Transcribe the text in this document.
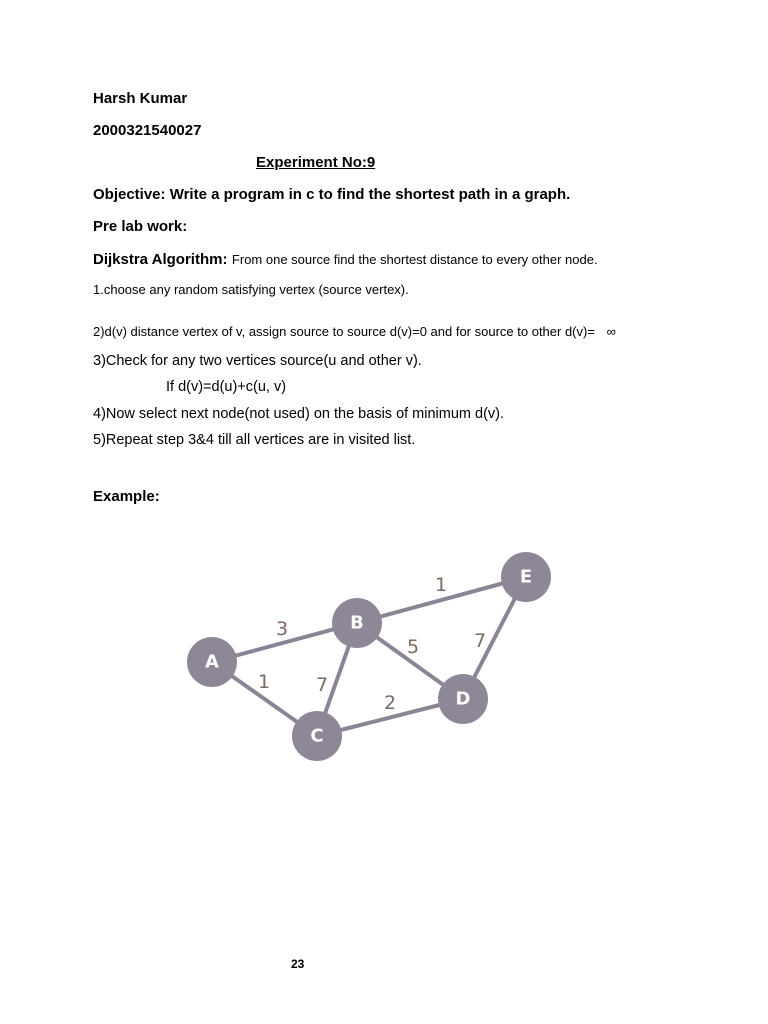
Harsh Kumar
2000321540027
Experiment No:9
Objective: Write a program in c to find the shortest path in a graph.
Pre lab work:
Dijkstra Algorithm: From one source find the shortest distance to every other node.
1.choose any random satisfying vertex (source vertex).
2)d(v) distance vertex of v, assign source to source d(v)=0 and for source to other d(v)= ∞
3)Check for any two vertices source(u and other v).
If d(v)=d(u)+c(u, v)
4)Now select next node(not used) on the basis of minimum d(v).
5)Repeat step 3&4 till all vertices are in visited list.
Example:
3
1 7
5
1
2
7
A
B
C
D
E
23
